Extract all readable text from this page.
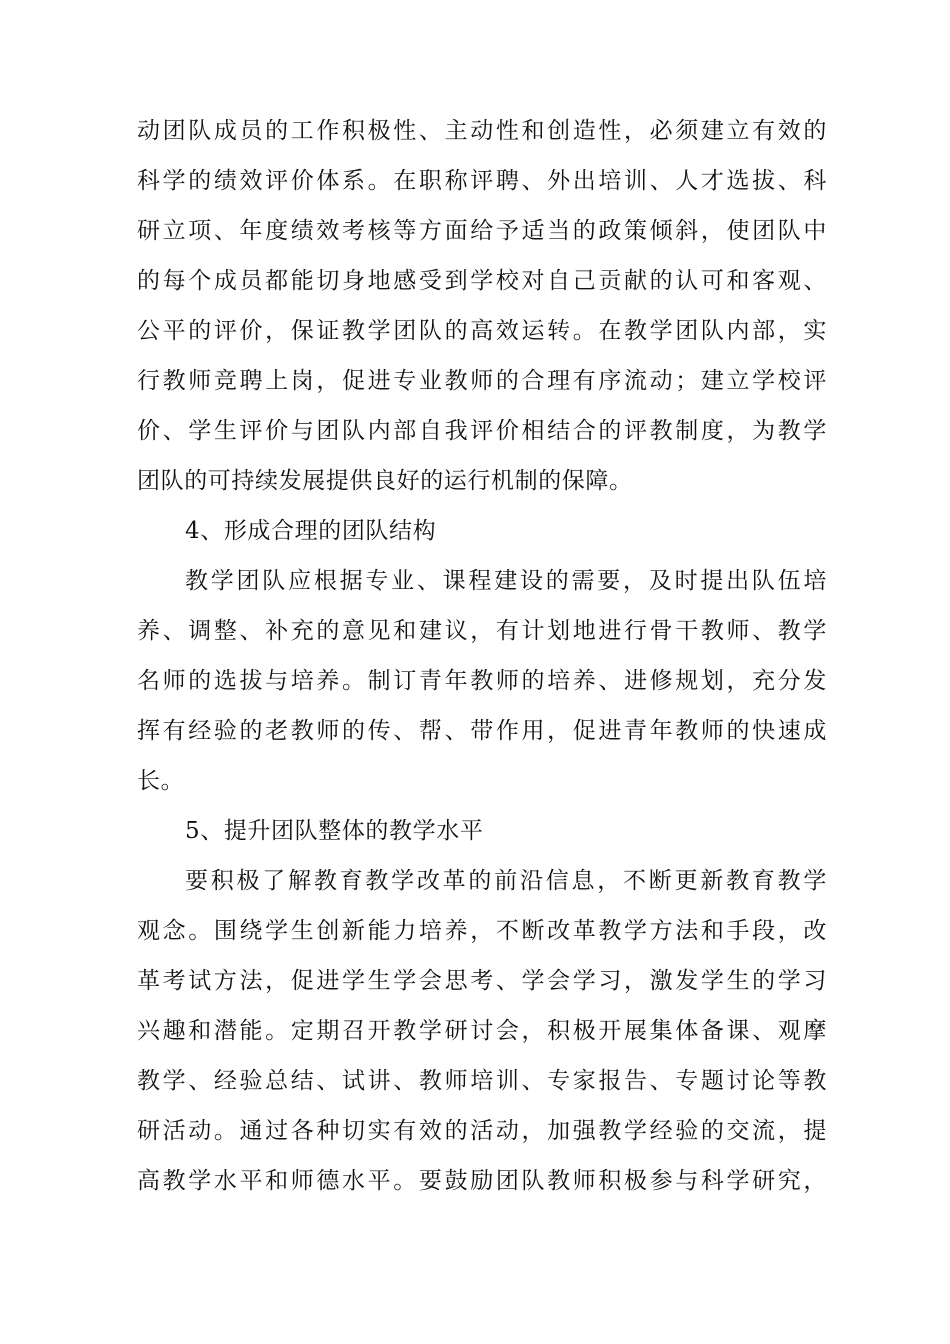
动团队成员的工作积极性、主动性和创造性，必须建立有效的
科学的绩效评价体系。在职称评聘、外出培训、人才选拔、科
研立项、年度绩效考核等方面给予适当的政策倾斜，使团队中
的每个成员都能切身地感受到学校对自己贡献的认可和客观、
公平的评价，保证教学团队的高效运转。在教学团队内部，实
行教师竞聘上岗，促进专业教师的合理有序流动；建立学校评
价、学生评价与团队内部自我评价相结合的评教制度，为教学
团队的可持续发展提供良好的运行机制的保障。
4、形成合理的团队结构
教学团队应根据专业、课程建设的需要，及时提出队伍培
养、调整、补充的意见和建议，有计划地进行骨干教师、教学
名师的选拔与培养。制订青年教师的培养、进修规划，充分发
挥有经验的老教师的传、帮、带作用，促进青年教师的快速成
长。
5、提升团队整体的教学水平
要积极了解教育教学改革的前沿信息，不断更新教育教学
观念。围绕学生创新能力培养，不断改革教学方法和手段，改
革考试方法，促进学生学会思考、学会学习，激发学生的学习
兴趣和潜能。定期召开教学研讨会，积极开展集体备课、观摩
教学、经验总结、试讲、教师培训、专家报告、专题讨论等教
研活动。通过各种切实有效的活动，加强教学经验的交流，提
高教学水平和师德水平。要鼓励团队教师积极参与科学研究，
